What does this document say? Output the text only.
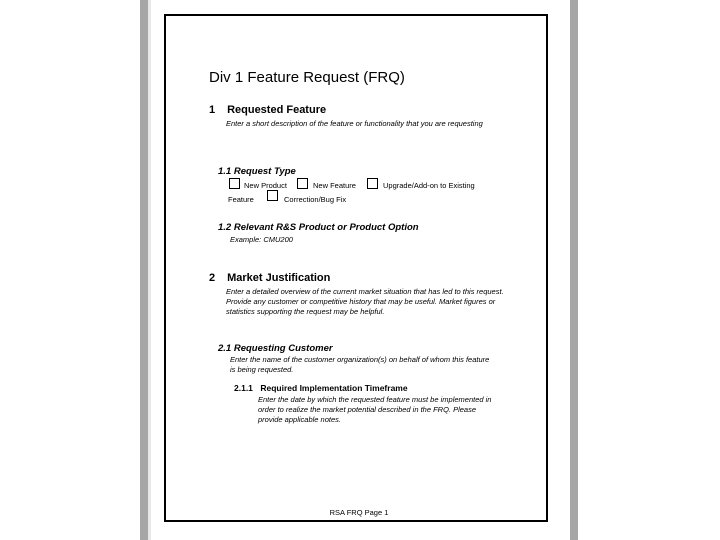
Div 1 Feature Request (FRQ)
1 Requested Feature
Enter a short description of the feature or functionality that you are requesting
1.1 Request Type
New Product	New Feature	Upgrade/Add-on to Existing
Feature	Correction/Bug Fix
1.2 Relevant R&S Product or Product Option
Example: CMU200
2 Market Justification
Enter a detailed overview of the current market situation that has led to this request. Provide any customer or competitive history that may be useful. Market figures or statistics supporting the request may be helpful.
2.1 Requesting Customer
Enter the name of the customer organization(s) on behalf of whom this feature is being requested.
2.1.1 Required Implementation Timeframe
Enter the date by which the requested feature must be implemented in order to realize the market potential described in the FRQ. Please provide applicable notes.
RSA FRQ Page 1
